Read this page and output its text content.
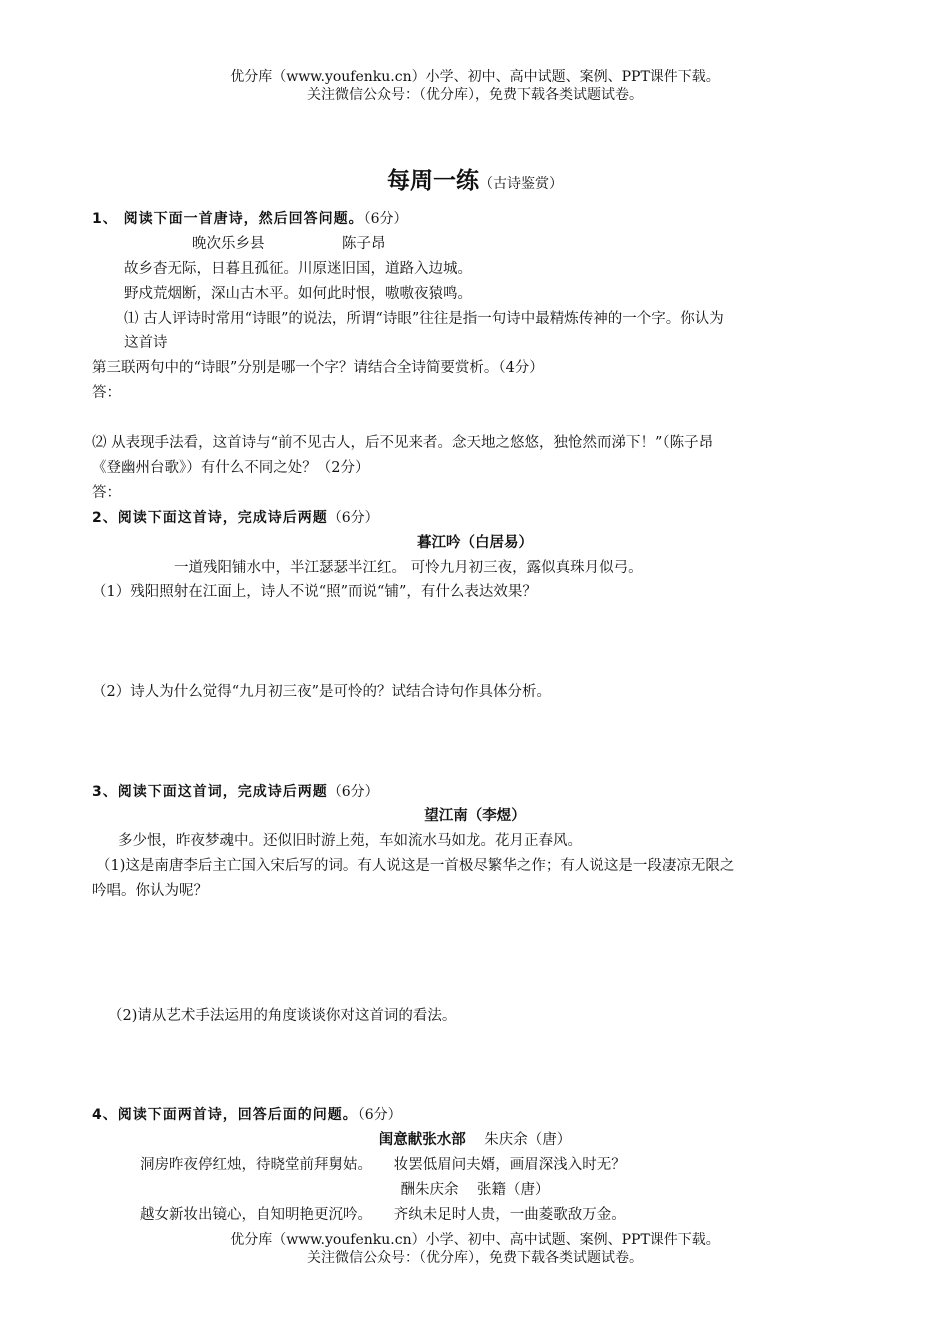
优分库（www.youfenku.cn）小学、初中、高中试题、案例、PPT课件下载。
关注微信公众号：（优分库），免费下载各类试题试卷。
每周一练（古诗鉴赏）
1、 阅读下面一首唐诗，然后回答问题。（6分）
晚次乐乡县	陈子昂
故乡杳无际，日暮且孤征。川原迷旧国，道路入边城。
野戍荒烟断，深山古木平。如何此时恨，嗷嗷夜猿鸣。
⑴ 古人评诗时常用“诗眼”的说法，所谓“诗眼”往往是指一句诗中最精炼传神的一个字。你认为
这首诗
第三联两句中的“诗眼”分别是哪一个字？请结合全诗简要赏析。（4分）
答：
⑵ 从表现手法看，这首诗与“前不见古人，后不见来者。念天地之悠悠，独怆然而涕下！”（陈子昂
《登幽州台歌》）有什么不同之处？（2分）
答：
2、阅读下面这首诗，完成诗后两题（6分）
暮江吟（白居易）
一道残阳铺水中，半江瑟瑟半江红。 可怜九月初三夜，露似真珠月似弓。
（1）残阳照射在江面上，诗人不说“照”而说“铺”，有什么表达效果？
（2）诗人为什么觉得“九月初三夜”是可怜的？试结合诗句作具体分析。
3、阅读下面这首词，完成诗后两题（6分）
望江南（李煜）
多少恨，昨夜梦魂中。还似旧时游上苑，车如流水马如龙。花月正春风。
（1)这是南唐李后主亡国入宋后写的词。有人说这是一首极尽繁华之作；有人说这是一段凄凉无限之
吟唱。你认为呢？
（2)请从艺术手法运用的角度谈谈你对这首词的看法。
4、阅读下面两首诗，回答后面的问题。（6分）
闺意献张水部 朱庆余（唐）
洞房昨夜停红烛，待晓堂前拜舅姑。　　妆罢低眉问夫婿，画眉深浅入时无？
酬朱庆余 张籍（唐）
越女新妆出镜心，自知明艳更沉吟。　　齐纨未足时人贵，一曲菱歌敌万金。
优分库（www.youfenku.cn）小学、初中、高中试题、案例、PPT课件下载。
关注微信公众号：（优分库），免费下载各类试题试卷。
